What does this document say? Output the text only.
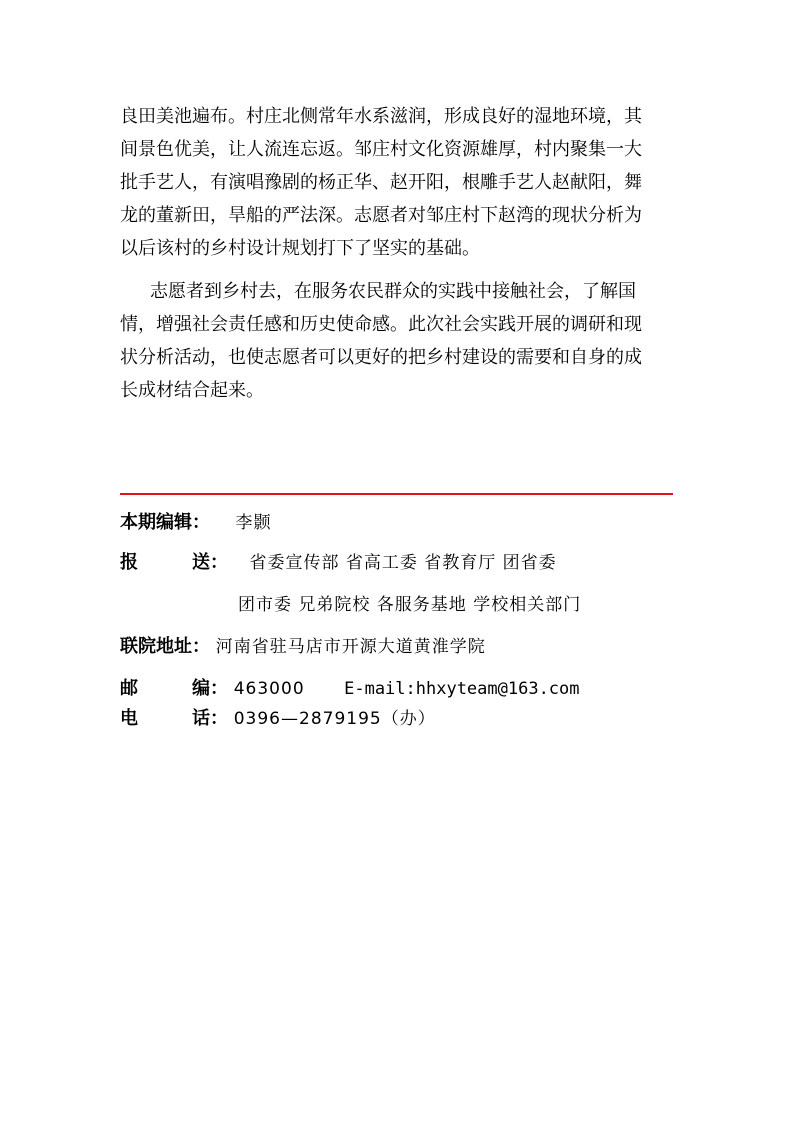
良田美池遍布。村庄北侧常年水系滋润，形成良好的湿地环境，其
间景色优美，让人流连忘返。邹庄村文化资源雄厚，村内聚集一大
批手艺人，有演唱豫剧的杨正华、赵开阳，根雕手艺人赵献阳，舞
龙的董新田，旱船的严法深。志愿者对邹庄村下赵湾的现状分析为
以后该村的乡村设计规划打下了坚实的基础。
志愿者到乡村去，在服务农民群众的实践中接触社会，了解国
情，增强社会责任感和历史使命感。此次社会实践开展的调研和现
状分析活动，也使志愿者可以更好的把乡村建设的需要和自身的成
长成材结合起来。
本期编辑： 李颢
报	送： 省委宣传部 省高工委 省教育厅 团省委
团市委 兄弟院校 各服务基地 学校相关部门
联院地址： 河南省驻马店市开源大道黄淮学院
邮	编： 463000 E-mail:hhxyteam@163.com
电	话： 0396—2879195（办）
